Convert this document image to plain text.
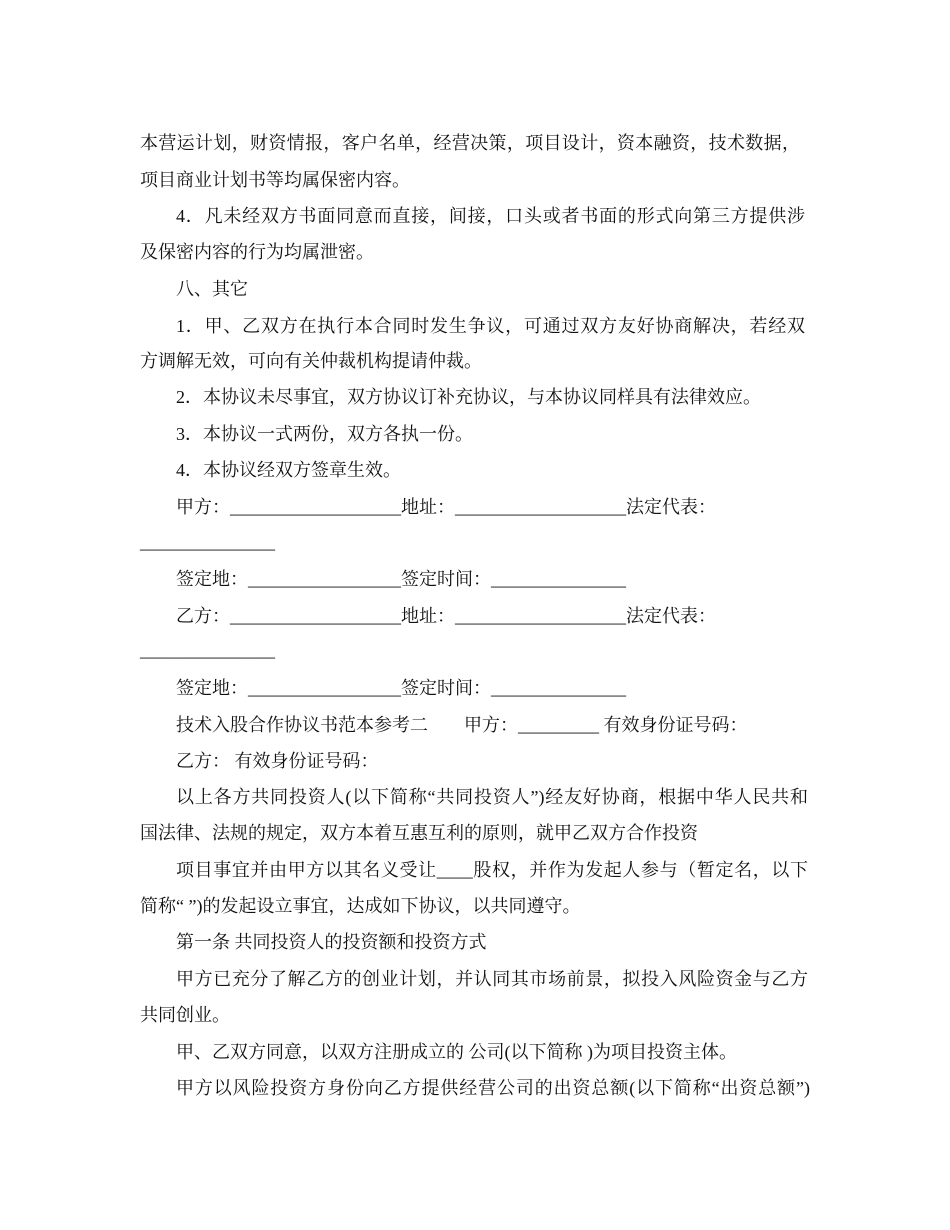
本营运计划，财资情报，客户名单，经营决策，项目设计，资本融资，技术数据，
项目商业计划书等均属保密内容。
4．凡未经双方书面同意而直接，间接，口头或者书面的形式向第三方提供涉
及保密内容的行为均属泄密。
八、其它
1．甲、乙双方在执行本合同时发生争议，可通过双方友好协商解决，若经双
方调解无效，可向有关仲裁机构提请仲裁。
2．本协议未尽事宜，双方协议订补充协议，与本协议同样具有法律效应。
3．本协议一式两份，双方各执一份。
4．本协议经双方签章生效。
甲方：___________________地址：___________________法定代表：
_______________
签定地：_________________签定时间：_______________
乙方：___________________地址：___________________法定代表：
_______________
签定地：_________________签定时间：_______________
技术入股合作协议书范本参考二　　甲方：_________ 有效身份证号码：
乙方： 有效身份证号码：
以上各方共同投资人(以下简称“共同投资人”)经友好协商，根据中华人民共和
国法律、法规的规定，双方本着互惠互利的原则，就甲乙双方合作投资
项目事宜并由甲方以其名义受让____股权，并作为发起人参与（暂定名，以下
简称“ ”)的发起设立事宜，达成如下协议，以共同遵守。
第一条 共同投资人的投资额和投资方式
甲方已充分了解乙方的创业计划，并认同其市场前景，拟投入风险资金与乙方
共同创业。
甲、乙双方同意，以双方注册成立的 公司(以下简称 )为项目投资主体。
甲方以风险投资方身份向乙方提供经营公司的出资总额(以下简称“出资总额”)
